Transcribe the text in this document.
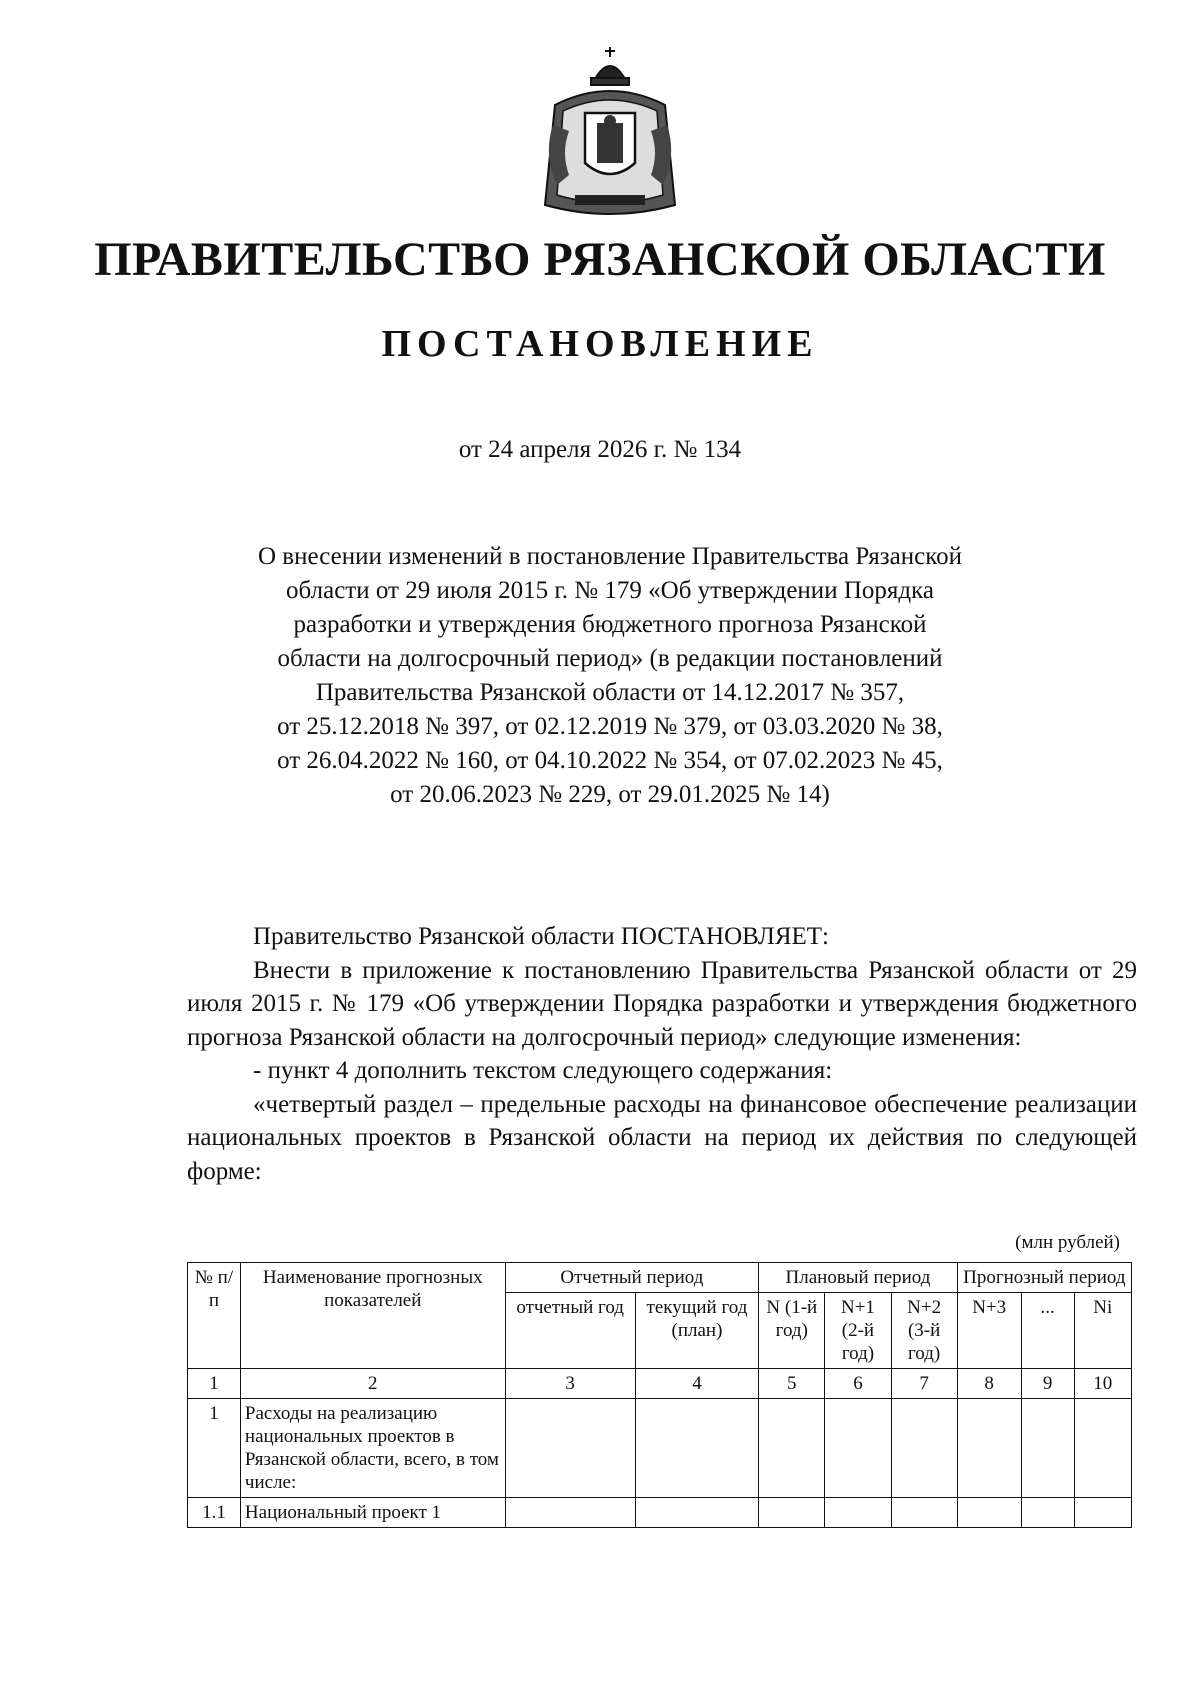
ПРАВИТЕЛЬСТВО РЯЗАНСКОЙ ОБЛАСТИ
ПОСТАНОВЛЕНИЕ

от 24 апреля 2026 г. № 134

О внесении изменений в постановление Правительства Рязанской
области от 29 июля 2015 г. № 179 «Об утверждении Порядка
разработки и утверждения бюджетного прогноза Рязанской
области на долгосрочный период» (в редакции постановлений
Правительства Рязанской области от 14.12.2017 № 357,
от 25.12.2018 № 397, от 02.12.2019 № 379, от 03.03.2020 № 38,
от 26.04.2022 № 160, от 04.10.2022 № 354, от 07.02.2023 № 45,
от 20.06.2023 № 229, от 29.01.2025 № 14)

Правительство Рязанской области ПОСТАНОВЛЯЕТ:

Внести в приложение к постановлению Правительства Рязанской области от 29 июля 2015 г. № 179 «Об утверждении Порядка разработки и утверждения бюджетного прогноза Рязанской области на долгосрочный период» следующие изменения:

- пункт 4 дополнить текстом следующего содержания:

«четвертый раздел – предельные расходы на финансовое обеспечение реализации национальных проектов в Рязанской области на период их действия по следующей форме:

(млн рублей)
№ п/п	Наименование прогнозных показателей	Отчетный период		Плановый период			Прогнозный период		
		отчетный год	текущий год (план)	N (1-й год)	N+1 (2-й год)	N+2 (3-й год)	N+3	...	Ni
1	2	3	4	5	6	7	8	9	10
1	Расходы на реализацию национальных проектов в Рязанской области, всего, в том числе:								
1.1	Национальный проект 1								
